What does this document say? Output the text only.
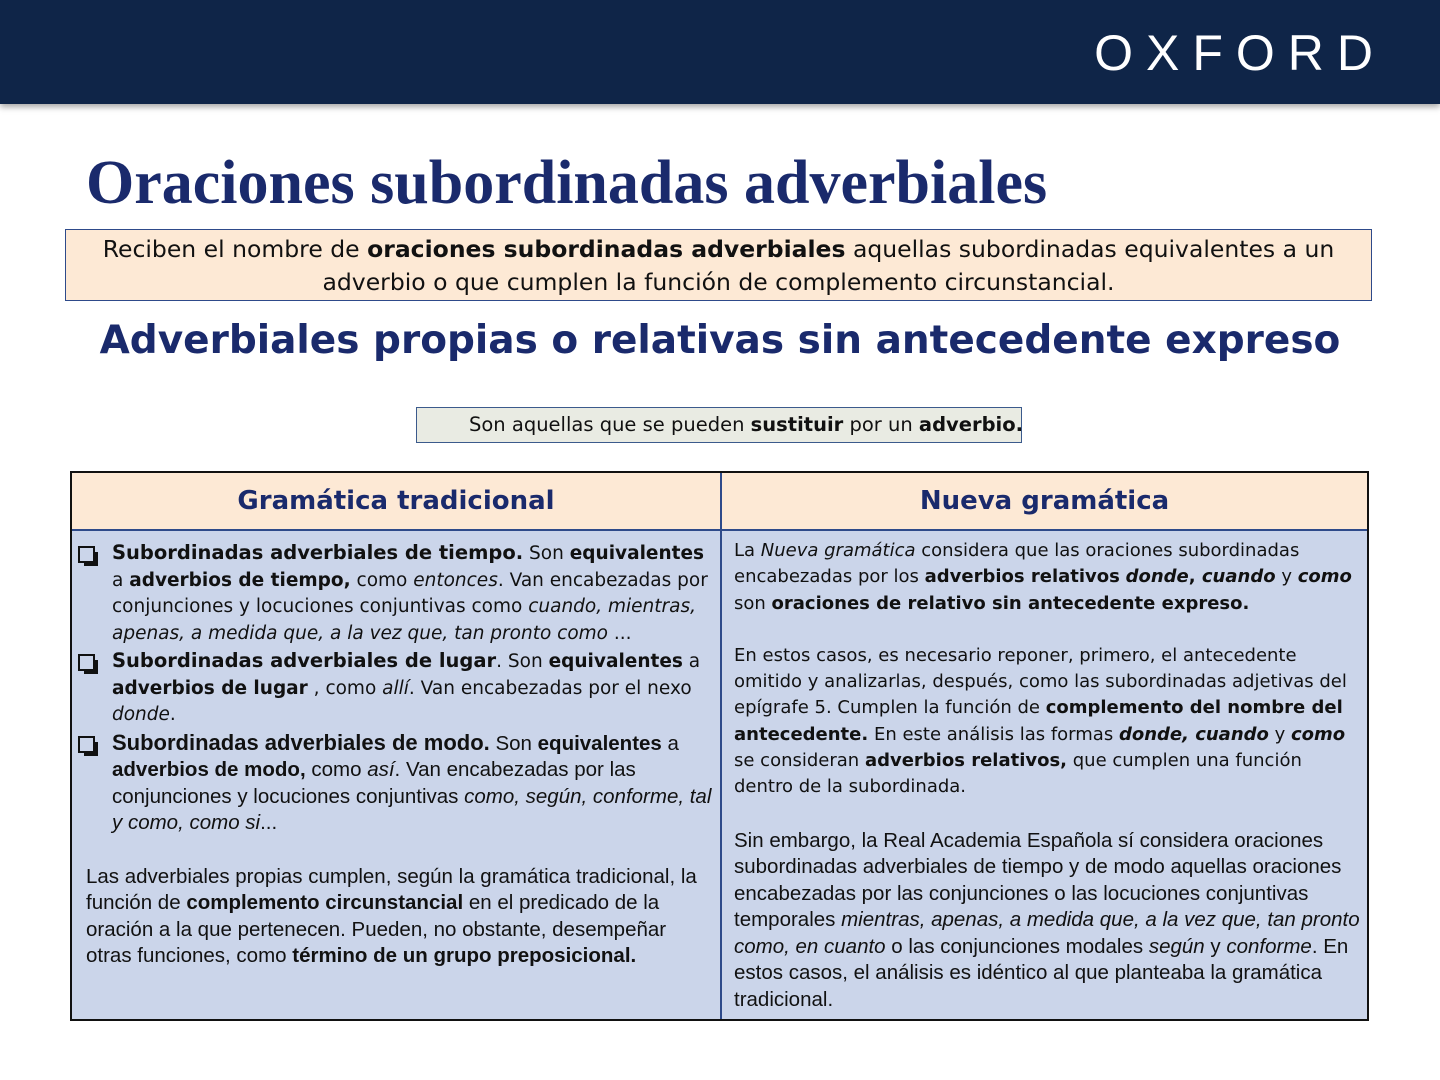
OXFORD
Oraciones subordinadas adverbiales
Reciben el nombre de oraciones subordinadas adverbiales aquellas subordinadas equivalentes a un adverbio o que cumplen la función de complemento circunstancial.
Adverbiales propias o relativas sin antecedente expreso
Son aquellas que se pueden sustituir por un adverbio.
Gramática tradicional	Nueva gramática
Subordinadas adverbiales de tiempo. Son equivalentes a adverbios de tiempo, como entonces. Van encabezadas por conjunciones y locuciones conjuntivas como cuando, mientras, apenas, a medida que, a la vez que, tan pronto como ...
Subordinadas adverbiales de lugar. Son equivalentes a adverbios de lugar , como allí. Van encabezadas por el nexo donde.
Subordinadas adverbiales de modo. Son equivalentes a adverbios de modo, como así. Van encabezadas por las conjunciones y locuciones conjuntivas como, según, conforme, tal y como, como si...
Las adverbiales propias cumplen, según la gramática tradicional, la función de complemento circunstancial en el predicado de la oración a la que pertenecen. Pueden, no obstante, desempeñar otras funciones, como término de un grupo preposicional.
La Nueva gramática considera que las oraciones subordinadas encabezadas por los adverbios relativos donde, cuando y como son oraciones de relativo sin antecedente expreso.
En estos casos, es necesario reponer, primero, el antecedente omitido y analizarlas, después, como las subordinadas adjetivas del epígrafe 5. Cumplen la función de complemento del nombre del antecedente. En este análisis las formas donde, cuando y como se consideran adverbios relativos, que cumplen una función dentro de la subordinada.
Sin embargo, la Real Academia Española sí considera oraciones subordinadas adverbiales de tiempo y de modo aquellas oraciones encabezadas por las conjunciones o las locuciones conjuntivas temporales mientras, apenas, a medida que, a la vez que, tan pronto como, en cuanto o las conjunciones modales según y conforme. En estos casos, el análisis es idéntico al que planteaba la gramática tradicional.
